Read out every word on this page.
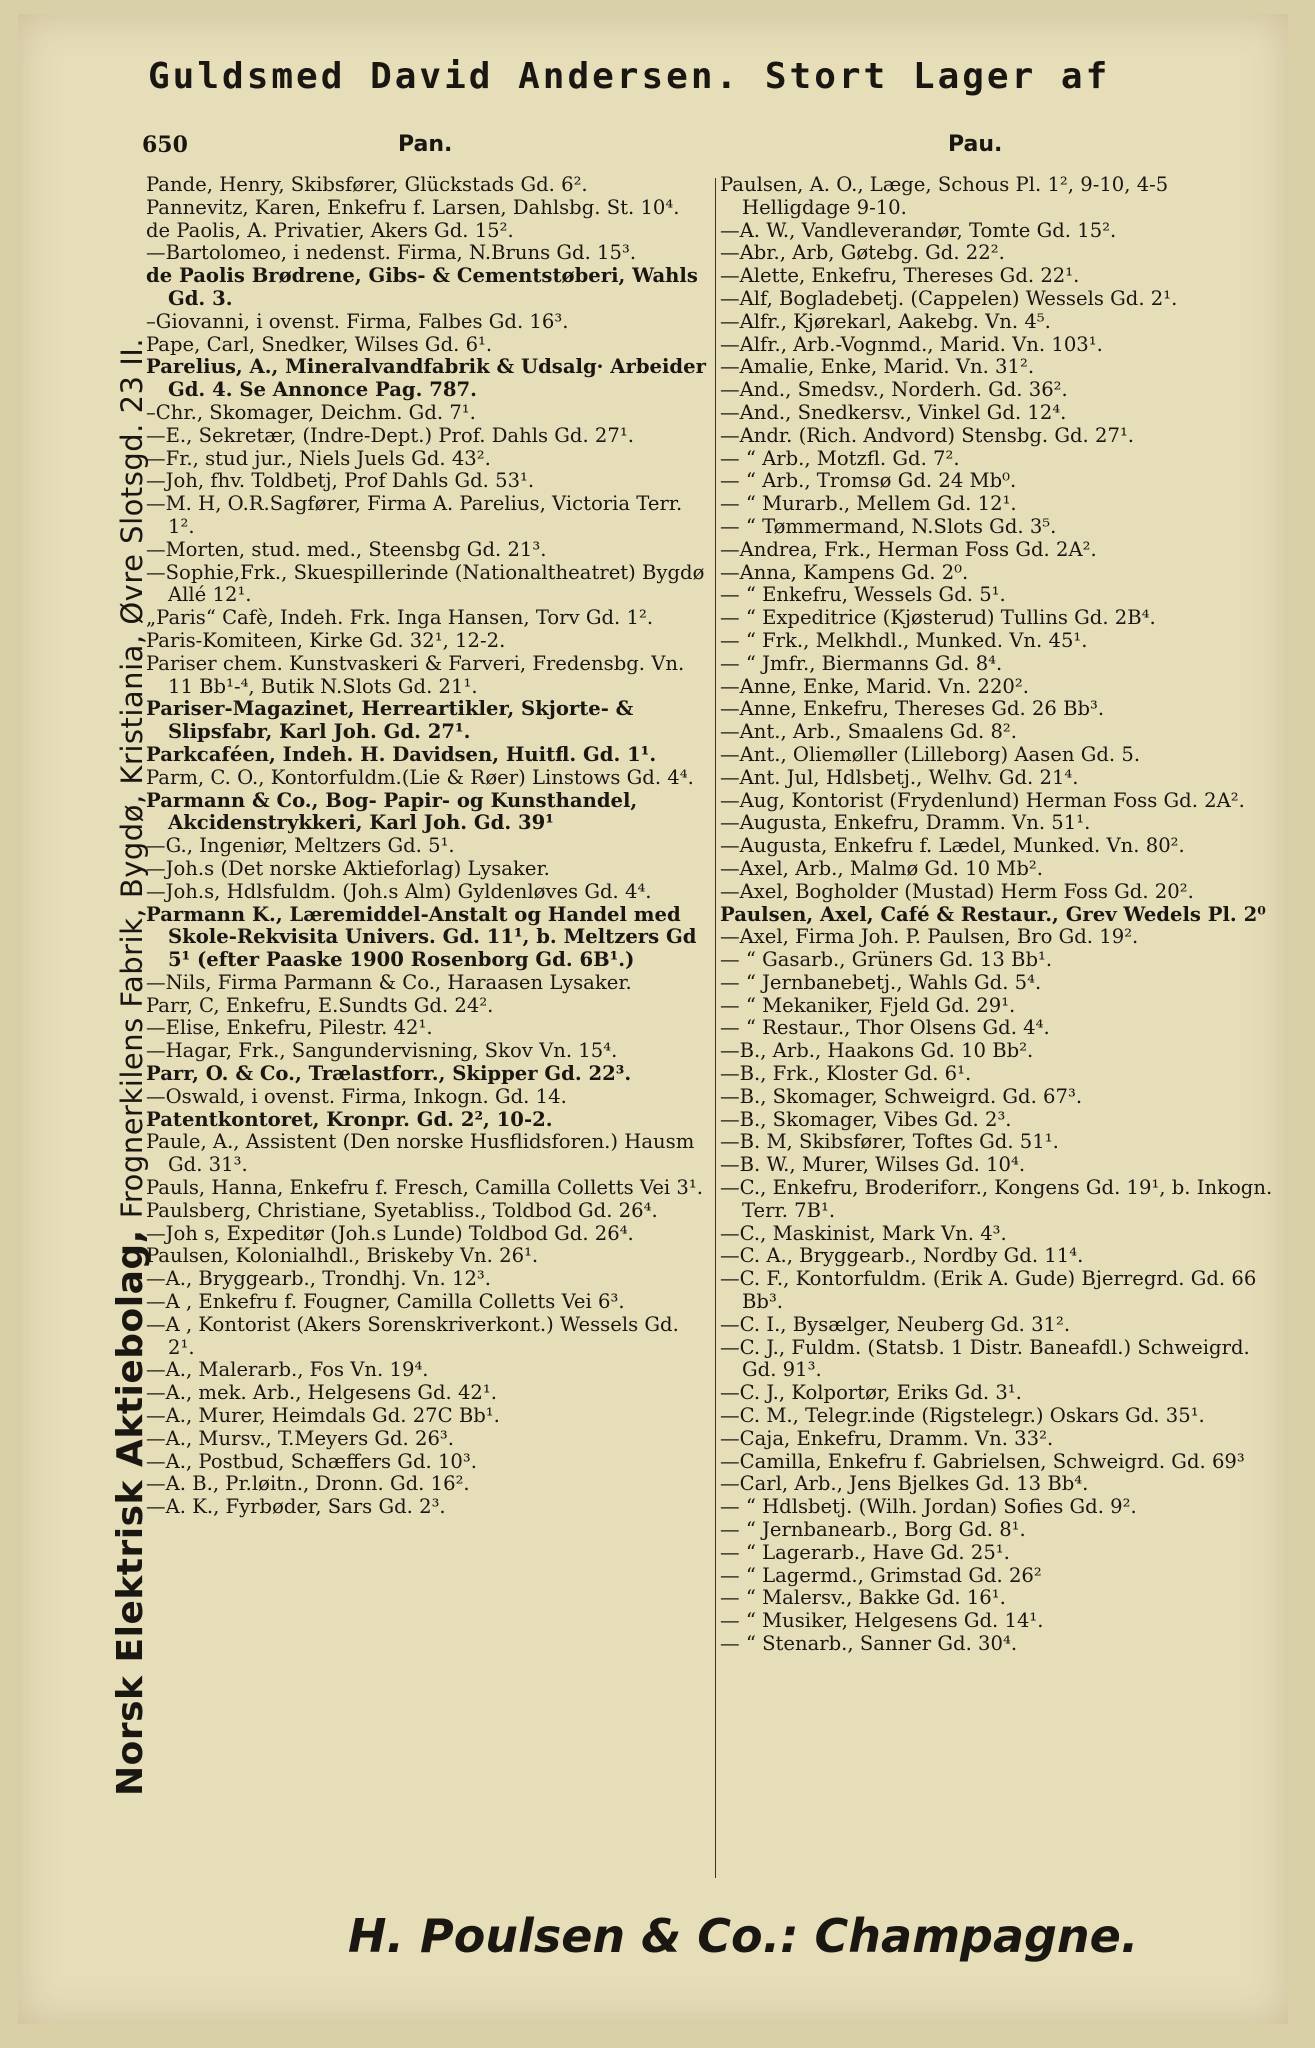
Guldsmed David Andersen. Stort Lager af
650	Pan.	Pau.
Norsk Elektrisk Aktiebolag, Frognerkilens Fabrik, Bygdø, Kristiania, Øvre Slotsgd. 23 II.

Pande, Henry, Skibsfører, Glückstads Gd. 6².

Pannevitz, Karen, Enkefru f. Larsen, Dahlsbg. St. 10⁴.

de Paolis, A. Privatier, Akers Gd. 15².

—Bartolomeo, i nedenst. Firma, N.Bruns Gd. 15³.

de Paolis Brødrene, Gibs- & Cementstøberi, Wahls Gd. 3.

–Giovanni, i ovenst. Firma, Falbes Gd. 16³.

Pape, Carl, Snedker, Wilses Gd. 6¹.

Parelius, A., Mineralvandfabrik & Udsalg· Arbeider Gd. 4. Se Annonce Pag. 787.

–Chr., Skomager, Deichm. Gd. 7¹.

—E., Sekretær, (Indre-Dept.) Prof. Dahls Gd. 27¹.

—Fr., stud jur., Niels Juels Gd. 43².

—Joh, fhv. Toldbetj, Prof Dahls Gd. 53¹.

—M. H, O.R.Sagfører, Firma A. Parelius, Victoria Terr. 1².

—Morten, stud. med., Steensbg Gd. 21³.

—Sophie,Frk., Skuespillerinde (Nationaltheatret) Bygdø Allé 12¹.

„Paris“ Cafè, Indeh. Frk. Inga Hansen, Torv Gd. 1².

Paris-Komiteen, Kirke Gd. 32¹, 12-2.

Pariser chem. Kunstvaskeri & Farveri, Fredensbg. Vn. 11 Bb¹-⁴, Butik N.Slots Gd. 21¹.

Pariser-Magazinet, Herreartikler, Skjorte- & Slipsfabr, Karl Joh. Gd. 27¹.

Parkcaféen, Indeh. H. Davidsen, Huitfl. Gd. 1¹.

Parm, C. O., Kontorfuldm.(Lie & Røer) Linstows Gd. 4⁴.

Parmann & Co., Bog- Papir- og Kunsthandel, Akcidenstrykkeri, Karl Joh. Gd. 39¹

—G., Ingeniør, Meltzers Gd. 5¹.

—Joh.s (Det norske Aktieforlag) Lysaker.

—Joh.s, Hdlsfuldm. (Joh.s Alm) Gyldenløves Gd. 4⁴.

Parmann K., Læremiddel-Anstalt og Handel med Skole-Rekvisita Univers. Gd. 11¹, b. Meltzers Gd 5¹ (efter Paaske 1900 Rosenborg Gd. 6B¹.)

—Nils, Firma Parmann & Co., Haraasen Lysaker.

Parr, C, Enkefru, E.Sundts Gd. 24².

—Elise, Enkefru, Pilestr. 42¹.

—Hagar, Frk., Sangundervisning, Skov Vn. 15⁴.

Parr, O. & Co., Trælastforr., Skipper Gd. 22³.

—Oswald, i ovenst. Firma, Inkogn. Gd. 14.

Patentkontoret, Kronpr. Gd. 2², 10-2.

Paule, A., Assistent (Den norske Husflidsforen.) Hausm Gd. 31³.

Pauls, Hanna, Enkefru f. Fresch, Camilla Colletts Vei 3¹.

Paulsberg, Christiane, Syetabliss., Toldbod Gd. 26⁴.

—Joh s, Expeditør (Joh.s Lunde) Toldbod Gd. 26⁴.

Paulsen, Kolonialhdl., Briskeby Vn. 26¹.

—A., Bryggearb., Trondhj. Vn. 12³.

—A , Enkefru f. Fougner, Camilla Colletts Vei 6³.

—A , Kontorist (Akers Sorenskriverkont.) Wessels Gd. 2¹.

—A., Malerarb., Fos Vn. 19⁴.

—A., mek. Arb., Helgesens Gd. 42¹.

—A., Murer, Heimdals Gd. 27C Bb¹.

—A., Mursv., T.Meyers Gd. 26³.

—A., Postbud, Schæffers Gd. 10³.

—A. B., Pr.løitn., Dronn. Gd. 16².

—A. K., Fyrbøder, Sars Gd. 2³.

Paulsen, A. O., Læge, Schous Pl. 1², 9-10, 4-5 Helligdage 9-10.

—A. W., Vandleverandør, Tomte Gd. 15².

—Abr., Arb, Gøtebg. Gd. 22².

—Alette, Enkefru, Thereses Gd. 22¹.

—Alf, Bogladebetj. (Cappelen) Wessels Gd. 2¹.

—Alfr., Kjørekarl, Aakebg. Vn. 4⁵.

—Alfr., Arb.-Vognmd., Marid. Vn. 103¹.

—Amalie, Enke, Marid. Vn. 31².

—And., Smedsv., Norderh. Gd. 36².

—And., Snedkersv., Vinkel Gd. 12⁴.

—Andr. (Rich. Andvord) Stensbg. Gd. 27¹.

— “ Arb., Motzfl. Gd. 7².

— “ Arb., Tromsø Gd. 24 Mb⁰.

— “ Murarb., Mellem Gd. 12¹.

— “ Tømmermand, N.Slots Gd. 3⁵.

—Andrea, Frk., Herman Foss Gd. 2A².

—Anna, Kampens Gd. 2⁰.

— “ Enkefru, Wessels Gd. 5¹.

— “ Expeditrice (Kjøsterud) Tullins Gd. 2B⁴.

— “ Frk., Melkhdl., Munked. Vn. 45¹.

— “ Jmfr., Biermanns Gd. 8⁴.

—Anne, Enke, Marid. Vn. 220².

—Anne, Enkefru, Thereses Gd. 26 Bb³.

—Ant., Arb., Smaalens Gd. 8².

—Ant., Oliemøller (Lilleborg) Aasen Gd. 5.

—Ant. Jul, Hdlsbetj., Welhv. Gd. 21⁴.

—Aug, Kontorist (Frydenlund) Herman Foss Gd. 2A².

—Augusta, Enkefru, Dramm. Vn. 51¹.

—Augusta, Enkefru f. Lædel, Munked. Vn. 80².

—Axel, Arb., Malmø Gd. 10 Mb².

—Axel, Bogholder (Mustad) Herm Foss Gd. 20².

Paulsen, Axel, Café & Restaur., Grev Wedels Pl. 2⁰

—Axel, Firma Joh. P. Paulsen, Bro Gd. 19².

— “ Gasarb., Grüners Gd. 13 Bb¹.

— “ Jernbanebetj., Wahls Gd. 5⁴.

— “ Mekaniker, Fjeld Gd. 29¹.

— “ Restaur., Thor Olsens Gd. 4⁴.

—B., Arb., Haakons Gd. 10 Bb².

—B., Frk., Kloster Gd. 6¹.

—B., Skomager, Schweigrd. Gd. 67³.

—B., Skomager, Vibes Gd. 2³.

—B. M, Skibsfører, Toftes Gd. 51¹.

—B. W., Murer, Wilses Gd. 10⁴.

—C., Enkefru, Broderiforr., Kongens Gd. 19¹, b. Inkogn. Terr. 7B¹.

—C., Maskinist, Mark Vn. 4³.

—C. A., Bryggearb., Nordby Gd. 11⁴.

—C. F., Kontorfuldm. (Erik A. Gude) Bjerregrd. Gd. 66 Bb³.

—C. I., Bysælger, Neuberg Gd. 31².

—C. J., Fuldm. (Statsb. 1 Distr. Baneafdl.) Schweigrd. Gd. 91³.

—C. J., Kolportør, Eriks Gd. 3¹.

—C. M., Telegr.inde (Rigstelegr.) Oskars Gd. 35¹.

—Caja, Enkefru, Dramm. Vn. 33².

—Camilla, Enkefru f. Gabrielsen, Schweigrd. Gd. 69³

—Carl, Arb., Jens Bjelkes Gd. 13 Bb⁴.

— “ Hdlsbetj. (Wilh. Jordan) Sofies Gd. 9².

— “ Jernbanearb., Borg Gd. 8¹.

— “ Lagerarb., Have Gd. 25¹.

— “ Lagermd., Grimstad Gd. 26²

— “ Malersv., Bakke Gd. 16¹.

— “ Musiker, Helgesens Gd. 14¹.

— “ Stenarb., Sanner Gd. 30⁴.

H. Poulsen & Co.: Champagne.
